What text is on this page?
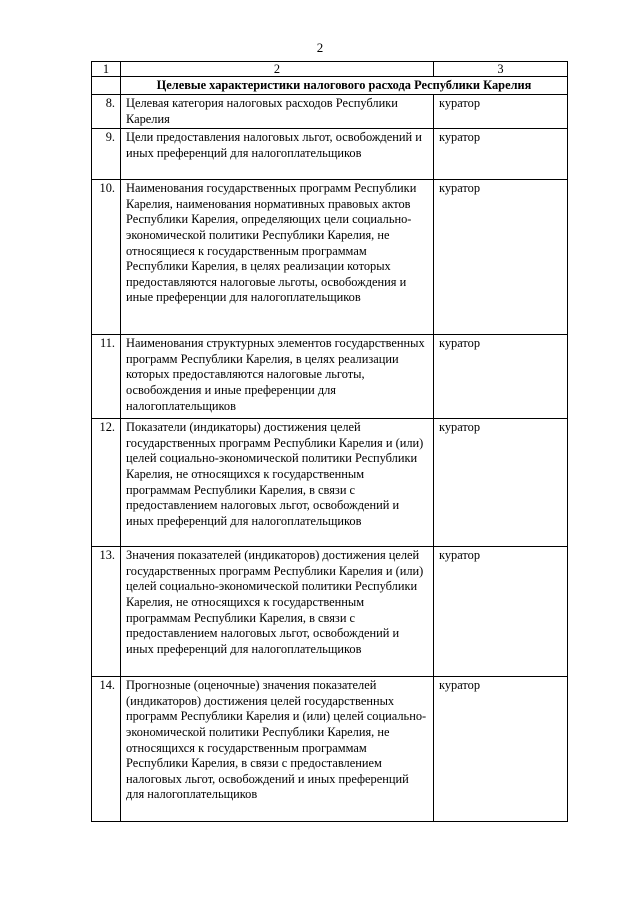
2
1	2	3
	Целевые характеристики налогового расхода Республики Карелия	
8.	Целевая категория налоговых расходов Республики Карелия	куратор
9.	Цели предоставления налоговых льгот, освобождений и иных преференций для налогоплательщиков	куратор
10.	Наименования государственных программ Республики Карелия, наименования нормативных правовых актов Республики Карелия, определяющих цели социально-экономической политики Республики Карелия, не относящиеся к государственным программам Республики Карелия, в целях реализации которых предоставляются налоговые льготы, освобождения и иные преференции для налогоплательщиков	куратор
11.	Наименования структурных элементов государственных программ Республики Карелия, в целях реализации которых предоставляются налоговые льготы, освобождения и иные преференции для налогоплательщиков	куратор
12.	Показатели (индикаторы) достижения целей государственных программ Республики Карелия и (или) целей социально-экономической политики Республики Карелия, не относящихся к государственным программам Республики Карелия, в связи с предоставлением налоговых льгот, освобождений и иных преференций для налогоплательщиков	куратор
13.	Значения показателей (индикаторов) достижения целей государственных программ Республики Карелия и (или) целей социально-экономической политики Республики Карелия, не относящихся к государственным программам Республики Карелия, в связи с предоставлением налоговых льгот, освобождений и иных преференций для налогоплательщиков	куратор
14.	Прогнозные (оценочные) значения показателей (индикаторов) достижения целей государственных программ Республики Карелия и (или) целей социально-экономической политики Республики Карелия, не относящихся к государственным программам Республики Карелия, в связи с предоставлением налоговых льгот, освобождений и иных преференций для налогоплательщиков	куратор
